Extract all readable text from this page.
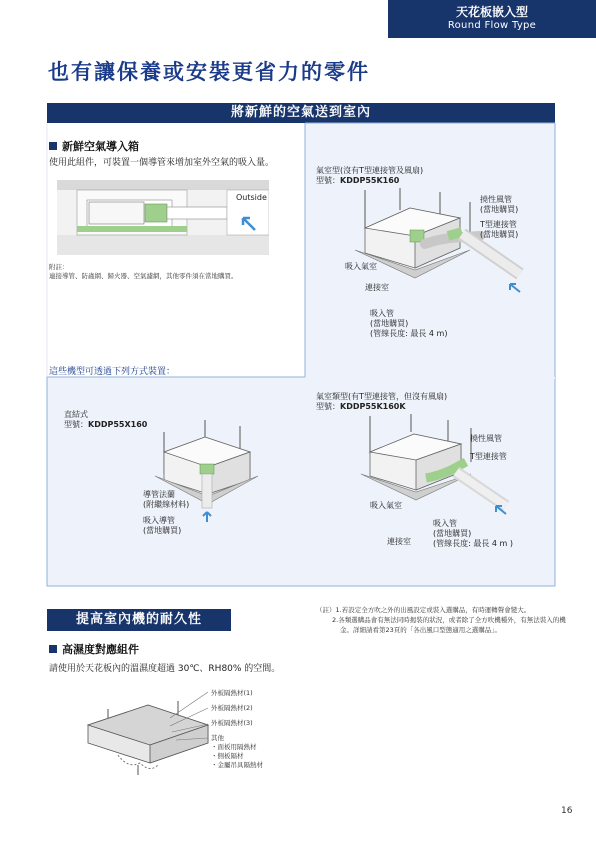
天花板嵌入型
Round Flow Type
也有讓保養或安裝更省力的零件
將新鮮的空氣送到室內
新鮮空氣導入箱
使用此組件，可裝置一個導管來增加室外空氣的吸入量。
Outside
附註：
連接導管、防蟲網、歸火器、空氣濾網，其他零件須在當地購買。
氣室型(沒有T型連接管及風扇)
型號：KDDP55K160
撓性風管
(當地購買)
T型連接管
(當地購買)
吸入氣室
連接室
吸入管
(當地購買)
(管線長度: 最長 4 m)
這些機型可透過下列方式裝置：
直結式
型號：KDDP55X160
導管法蘭
(附繼線材料)
吸入導管
(當地購買)
氣室類型(有T型連接管，但沒有風扇)
型號：KDDP55K160K
撓性風管
T型連接管
吸入氣室
吸入管
(當地購買)
連接室	(管線長度: 最長 4 m )
提高室內機的耐久性
（註）1.若設定全方吹之外的出風設定或裝入選購品，有時運轉聲會變大。
2.各類選購品會有無法同時揭裝的狀況，或者除了全方吹機種外，有無法裝入的機
金。詳細請看第23頁的「各出風口型態適用之選購品」。
高濕度對應組件
請使用於天花板內的溫濕度超過 30℃、RH80% 的空間。
外板隔熱材(1)
外板隔熱材(2)
外板隔熱材(3)
其他
・面板用隔熱材
・側板隔材
・金屬吊具隔熱材
16
